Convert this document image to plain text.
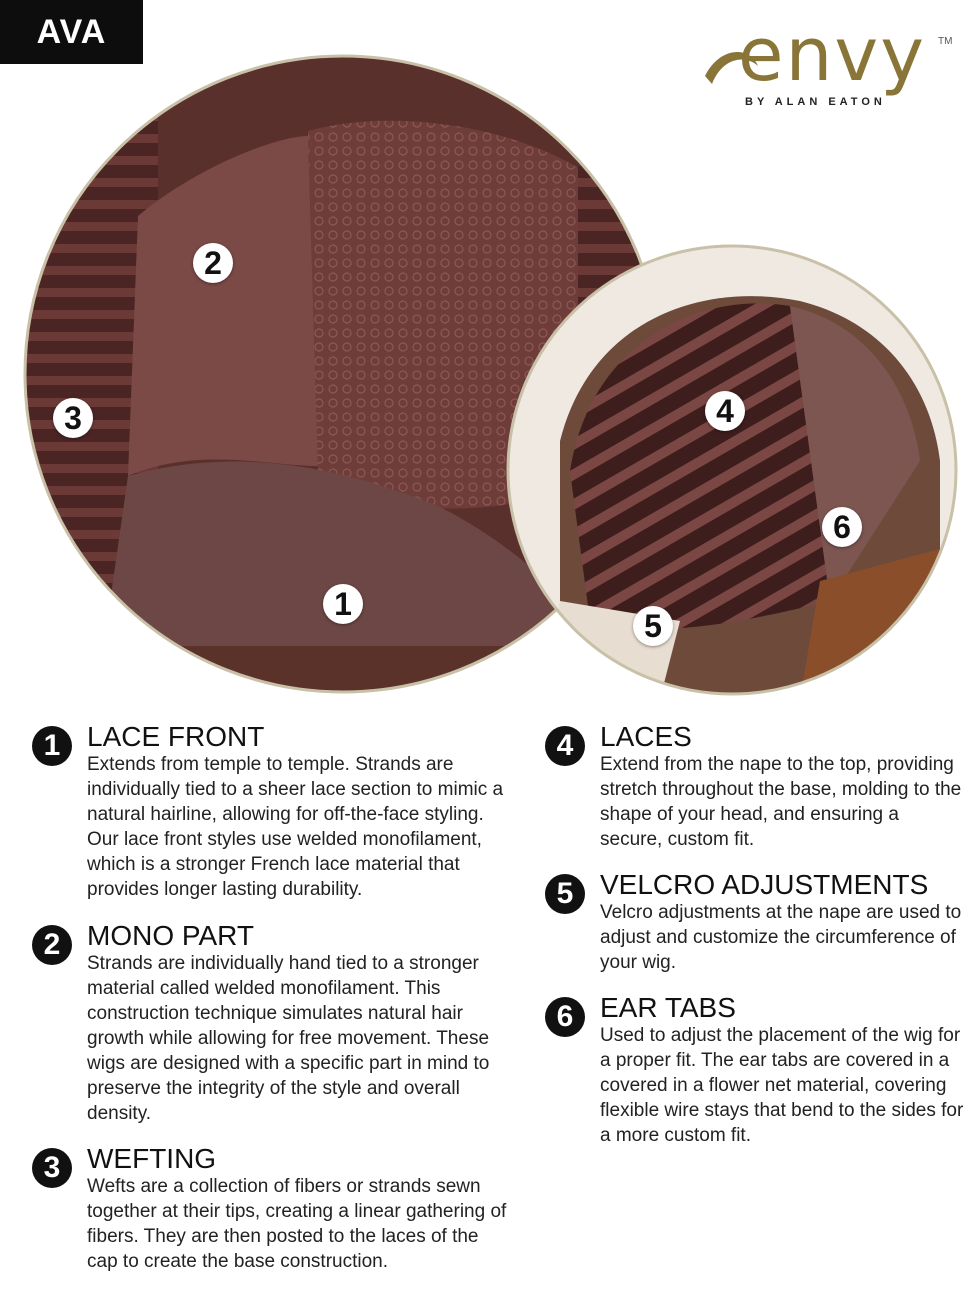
AVA	envy TM
BY ALAN EATON
2
3
1
4
6
5
1 LACE FRONT

Extends from temple to temple. Strands are individually tied to a sheer lace section to mimic a natural hairline, allowing for off-the-face styling. Our lace front styles use welded monofilament, which is a stronger French lace material that provides longer lasting durability.

2 MONO PART

Strands are individually hand tied to a stronger material called welded monofilament. This construction technique simulates natural hair growth while allowing for free movement. These wigs are designed with a specific part in mind to preserve the integrity of the style and overall density.

3 WEFTING

Wefts are a collection of fibers or strands sewn together at their tips, creating a linear gathering of fibers. They are then posted to the laces of the cap to create the base construction.

4 LACES

Extend from the nape to the top, providing stretch throughout the base, molding to the shape of your head, and ensuring a secure, custom fit.

5 VELCRO ADJUSTMENTS

Velcro adjustments at the nape are used to adjust and customize the circumference of your wig.

6 EAR TABS

Used to adjust the placement of the wig for a proper fit. The ear tabs are covered in a covered in a flower net material, covering flexible wire stays that bend to the sides for a more custom fit.
